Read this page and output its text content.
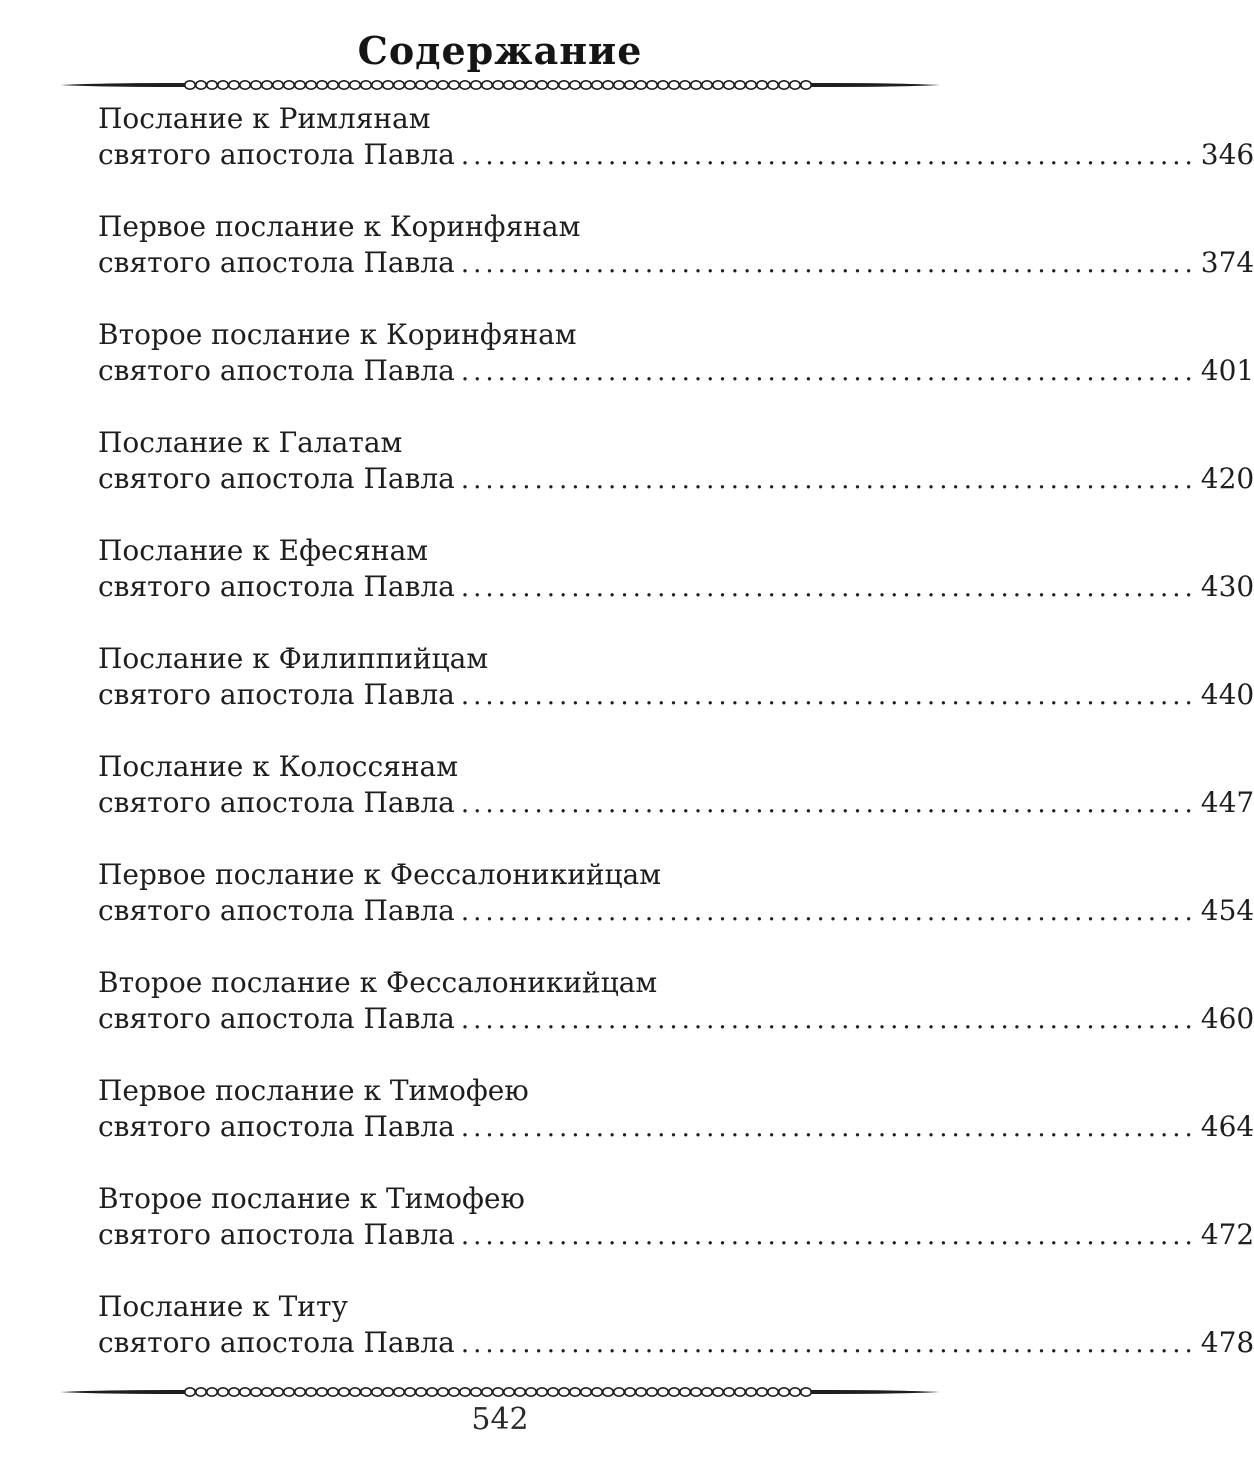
Содержание
Послание к Римлянам
святого апостола Павла ............................................................ 346
Первое послание к Коринфянам
святого апостола Павла ............................................................ 374
Второе послание к Коринфянам
святого апостола Павла ............................................................ 401
Послание к Галатам
святого апостола Павла ............................................................ 420
Послание к Ефесянам
святого апостола Павла ............................................................ 430
Послание к Филиппийцам
святого апостола Павла ............................................................ 440
Послание к Колоссянам
святого апостола Павла ............................................................ 447
Первое послание к Фессалоникийцам
святого апостола Павла ............................................................ 454
Второе послание к Фессалоникийцам
святого апостола Павла ............................................................ 460
Первое послание к Тимофею
святого апостола Павла ............................................................ 464
Второе послание к Тимофею
святого апостола Павла ............................................................ 472
Послание к Титу
святого апостола Павла ............................................................ 478
542
